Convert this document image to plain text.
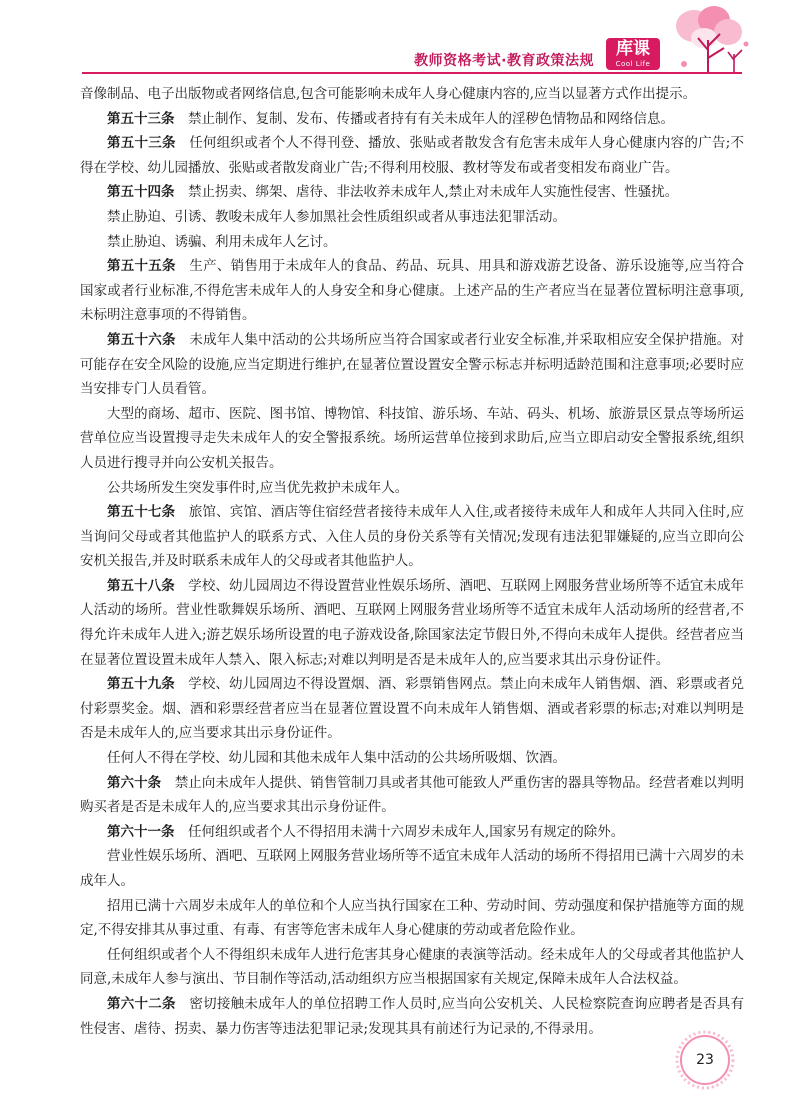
教师资格考试·教育政策法规
库课
Cool Life

音像制品、电子出版物或者网络信息,包含可能影响未成年人身心健康内容的,应当以显著方式作出提示。

第五十三条 禁止制作、复制、发布、传播或者持有有关未成年人的淫秽色情物品和网络信息。

第五十三条 任何组织或者个人不得刊登、播放、张贴或者散发含有危害未成年人身心健康内容的广告;不得在学校、幼儿园播放、张贴或者散发商业广告;不得利用校服、教材等发布或者变相发布商业广告。

第五十四条 禁止拐卖、绑架、虐待、非法收养未成年人,禁止对未成年人实施性侵害、性骚扰。

禁止胁迫、引诱、教唆未成年人参加黑社会性质组织或者从事违法犯罪活动。

禁止胁迫、诱骗、利用未成年人乞讨。

第五十五条 生产、销售用于未成年人的食品、药品、玩具、用具和游戏游艺设备、游乐设施等,应当符合国家或者行业标准,不得危害未成年人的人身安全和身心健康。上述产品的生产者应当在显著位置标明注意事项,未标明注意事项的不得销售。

第五十六条 未成年人集中活动的公共场所应当符合国家或者行业安全标准,并采取相应安全保护措施。对可能存在安全风险的设施,应当定期进行维护,在显著位置设置安全警示标志并标明适龄范围和注意事项;必要时应当安排专门人员看管。

大型的商场、超市、医院、图书馆、博物馆、科技馆、游乐场、车站、码头、机场、旅游景区景点等场所运营单位应当设置搜寻走失未成年人的安全警报系统。场所运营单位接到求助后,应当立即启动安全警报系统,组织人员进行搜寻并向公安机关报告。

公共场所发生突发事件时,应当优先救护未成年人。

第五十七条 旅馆、宾馆、酒店等住宿经营者接待未成年人入住,或者接待未成年人和成年人共同入住时,应当询问父母或者其他监护人的联系方式、入住人员的身份关系等有关情况;发现有违法犯罪嫌疑的,应当立即向公安机关报告,并及时联系未成年人的父母或者其他监护人。

第五十八条 学校、幼儿园周边不得设置营业性娱乐场所、酒吧、互联网上网服务营业场所等不适宜未成年人活动的场所。营业性歌舞娱乐场所、酒吧、互联网上网服务营业场所等不适宜未成年人活动场所的经营者,不得允许未成年人进入;游艺娱乐场所设置的电子游戏设备,除国家法定节假日外,不得向未成年人提供。经营者应当在显著位置设置未成年人禁入、限入标志;对难以判明是否是未成年人的,应当要求其出示身份证件。

第五十九条 学校、幼儿园周边不得设置烟、酒、彩票销售网点。禁止向未成年人销售烟、酒、彩票或者兑付彩票奖金。烟、酒和彩票经营者应当在显著位置设置不向未成年人销售烟、酒或者彩票的标志;对难以判明是否是未成年人的,应当要求其出示身份证件。

任何人不得在学校、幼儿园和其他未成年人集中活动的公共场所吸烟、饮酒。

第六十条 禁止向未成年人提供、销售管制刀具或者其他可能致人严重伤害的器具等物品。经营者难以判明购买者是否是未成年人的,应当要求其出示身份证件。

第六十一条 任何组织或者个人不得招用未满十六周岁未成年人,国家另有规定的除外。

营业性娱乐场所、酒吧、互联网上网服务营业场所等不适宜未成年人活动的场所不得招用已满十六周岁的未成年人。

招用已满十六周岁未成年人的单位和个人应当执行国家在工种、劳动时间、劳动强度和保护措施等方面的规定,不得安排其从事过重、有毒、有害等危害未成年人身心健康的劳动或者危险作业。

任何组织或者个人不得组织未成年人进行危害其身心健康的表演等活动。经未成年人的父母或者其他监护人同意,未成年人参与演出、节目制作等活动,活动组织方应当根据国家有关规定,保障未成年人合法权益。

第六十二条 密切接触未成年人的单位招聘工作人员时,应当向公安机关、人民检察院查询应聘者是否具有性侵害、虐待、拐卖、暴力伤害等违法犯罪记录;发现其具有前述行为记录的,不得录用。

23
